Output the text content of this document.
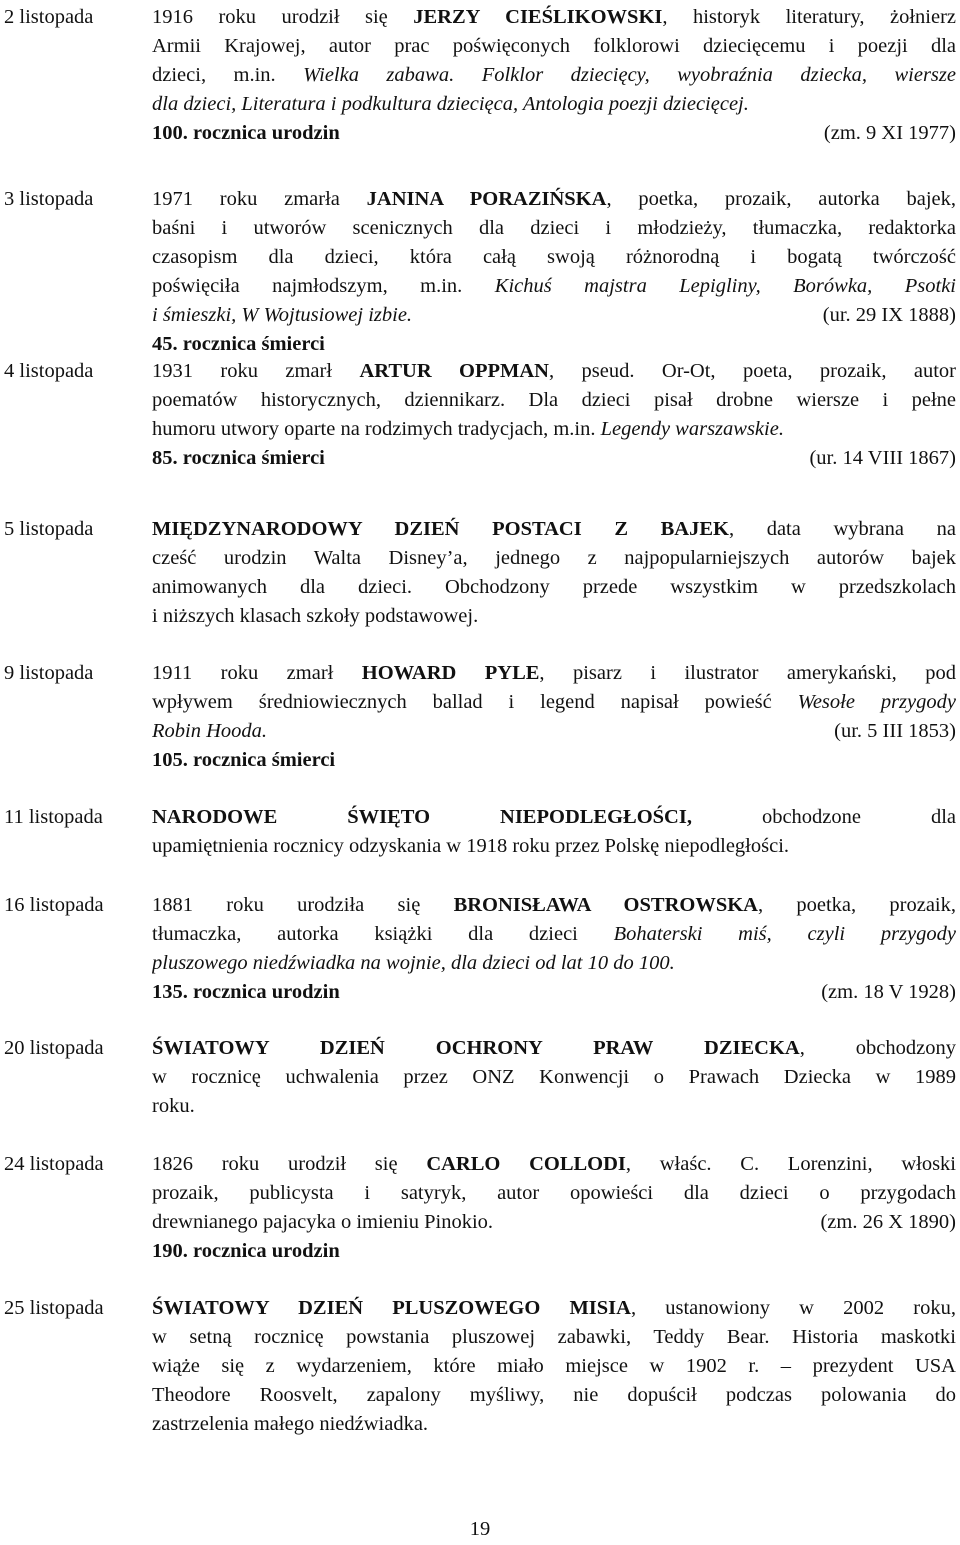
2 listopada	1916 roku urodził się JERZY CIEŚLIKOWSKI, historyk literatury, żołnierz
Armii Krajowej, autor prac poświęconych folklorowi dziecięcemu i poezji dla
dzieci, m.in. Wielka zabawa. Folklor dziecięcy, wyobraźnia dziecka, wiersze
dla dzieci, Literatura i podkultura dziecięca, Antologia poezji dziecięcej.
100. rocznica urodzin	(zm. 9 XI 1977)
3 listopada	1971 roku zmarła JANINA PORAZIŃSKA, poetka, prozaik, autorka bajek,
baśni i utworów scenicznych dla dzieci i młodzieży, tłumaczka, redaktorka
czasopism dla dzieci, która całą swoją różnorodną i bogatą twórczość
poświęciła najmłodszym, m.in. Kichuś majstra Lepigliny, Borówka, Psotki
i śmieszki, W Wojtusiowej izbie.	(ur. 29 IX 1888)
45. rocznica śmierci
4 listopada	1931 roku zmarł ARTUR OPPMAN, pseud. Or-Ot, poeta, prozaik, autor
poematów historycznych, dziennikarz. Dla dzieci pisał drobne wiersze i pełne
humoru utwory oparte na rodzimych tradycjach, m.in. Legendy warszawskie.
85. rocznica śmierci	(ur. 14 VIII 1867)
5 listopada	MIĘDZYNARODOWY DZIEŃ POSTACI Z BAJEK, data wybrana na
cześć urodzin Walta Disney’a, jednego z najpopularniejszych autorów bajek
animowanych dla dzieci. Obchodzony przede wszystkim w przedszkolach
i niższych klasach szkoły podstawowej.
9 listopada	1911 roku zmarł HOWARD PYLE, pisarz i ilustrator amerykański, pod
wpływem średniowiecznych ballad i legend napisał powieść Wesołe przygody
Robin Hooda.	(ur. 5 III 1853)
105. rocznica śmierci
11 listopada NARODOWE ŚWIĘTO NIEPODLEGŁOŚCI, obchodzone dla
upamiętnienia rocznicy odzyskania w 1918 roku przez Polskę niepodległości.
16 listopada 1881 roku urodziła się BRONISŁAWA OSTROWSKA, poetka, prozaik,
tłumaczka, autorka książki dla dzieci Bohaterski miś, czyli przygody
pluszowego niedźwiadka na wojnie, dla dzieci od lat 10 do 100.
135. rocznica urodzin	(zm. 18 V 1928)
20 listopada ŚWIATOWY DZIEŃ OCHRONY PRAW DZIECKA, obchodzony
w rocznicę uchwalenia przez ONZ Konwencji o Prawach Dziecka w 1989
roku.
24 listopada 1826 roku urodził się CARLO COLLODI, właśc. C. Lorenzini, włoski
prozaik, publicysta i satyryk, autor opowieści dla dzieci o przygodach
drewnianego pajacyka o imieniu Pinokio.	(zm. 26 X 1890)
190. rocznica urodzin
25 listopada ŚWIATOWY DZIEŃ PLUSZOWEGO MISIA, ustanowiony w 2002 roku,
w setną rocznicę powstania pluszowej zabawki, Teddy Bear. Historia maskotki
wiąże się z wydarzeniem, które miało miejsce w 1902 r. – prezydent USA
Theodore Roosvelt, zapalony myśliwy, nie dopuścił podczas polowania do
zastrzelenia małego niedźwiadka.
19
